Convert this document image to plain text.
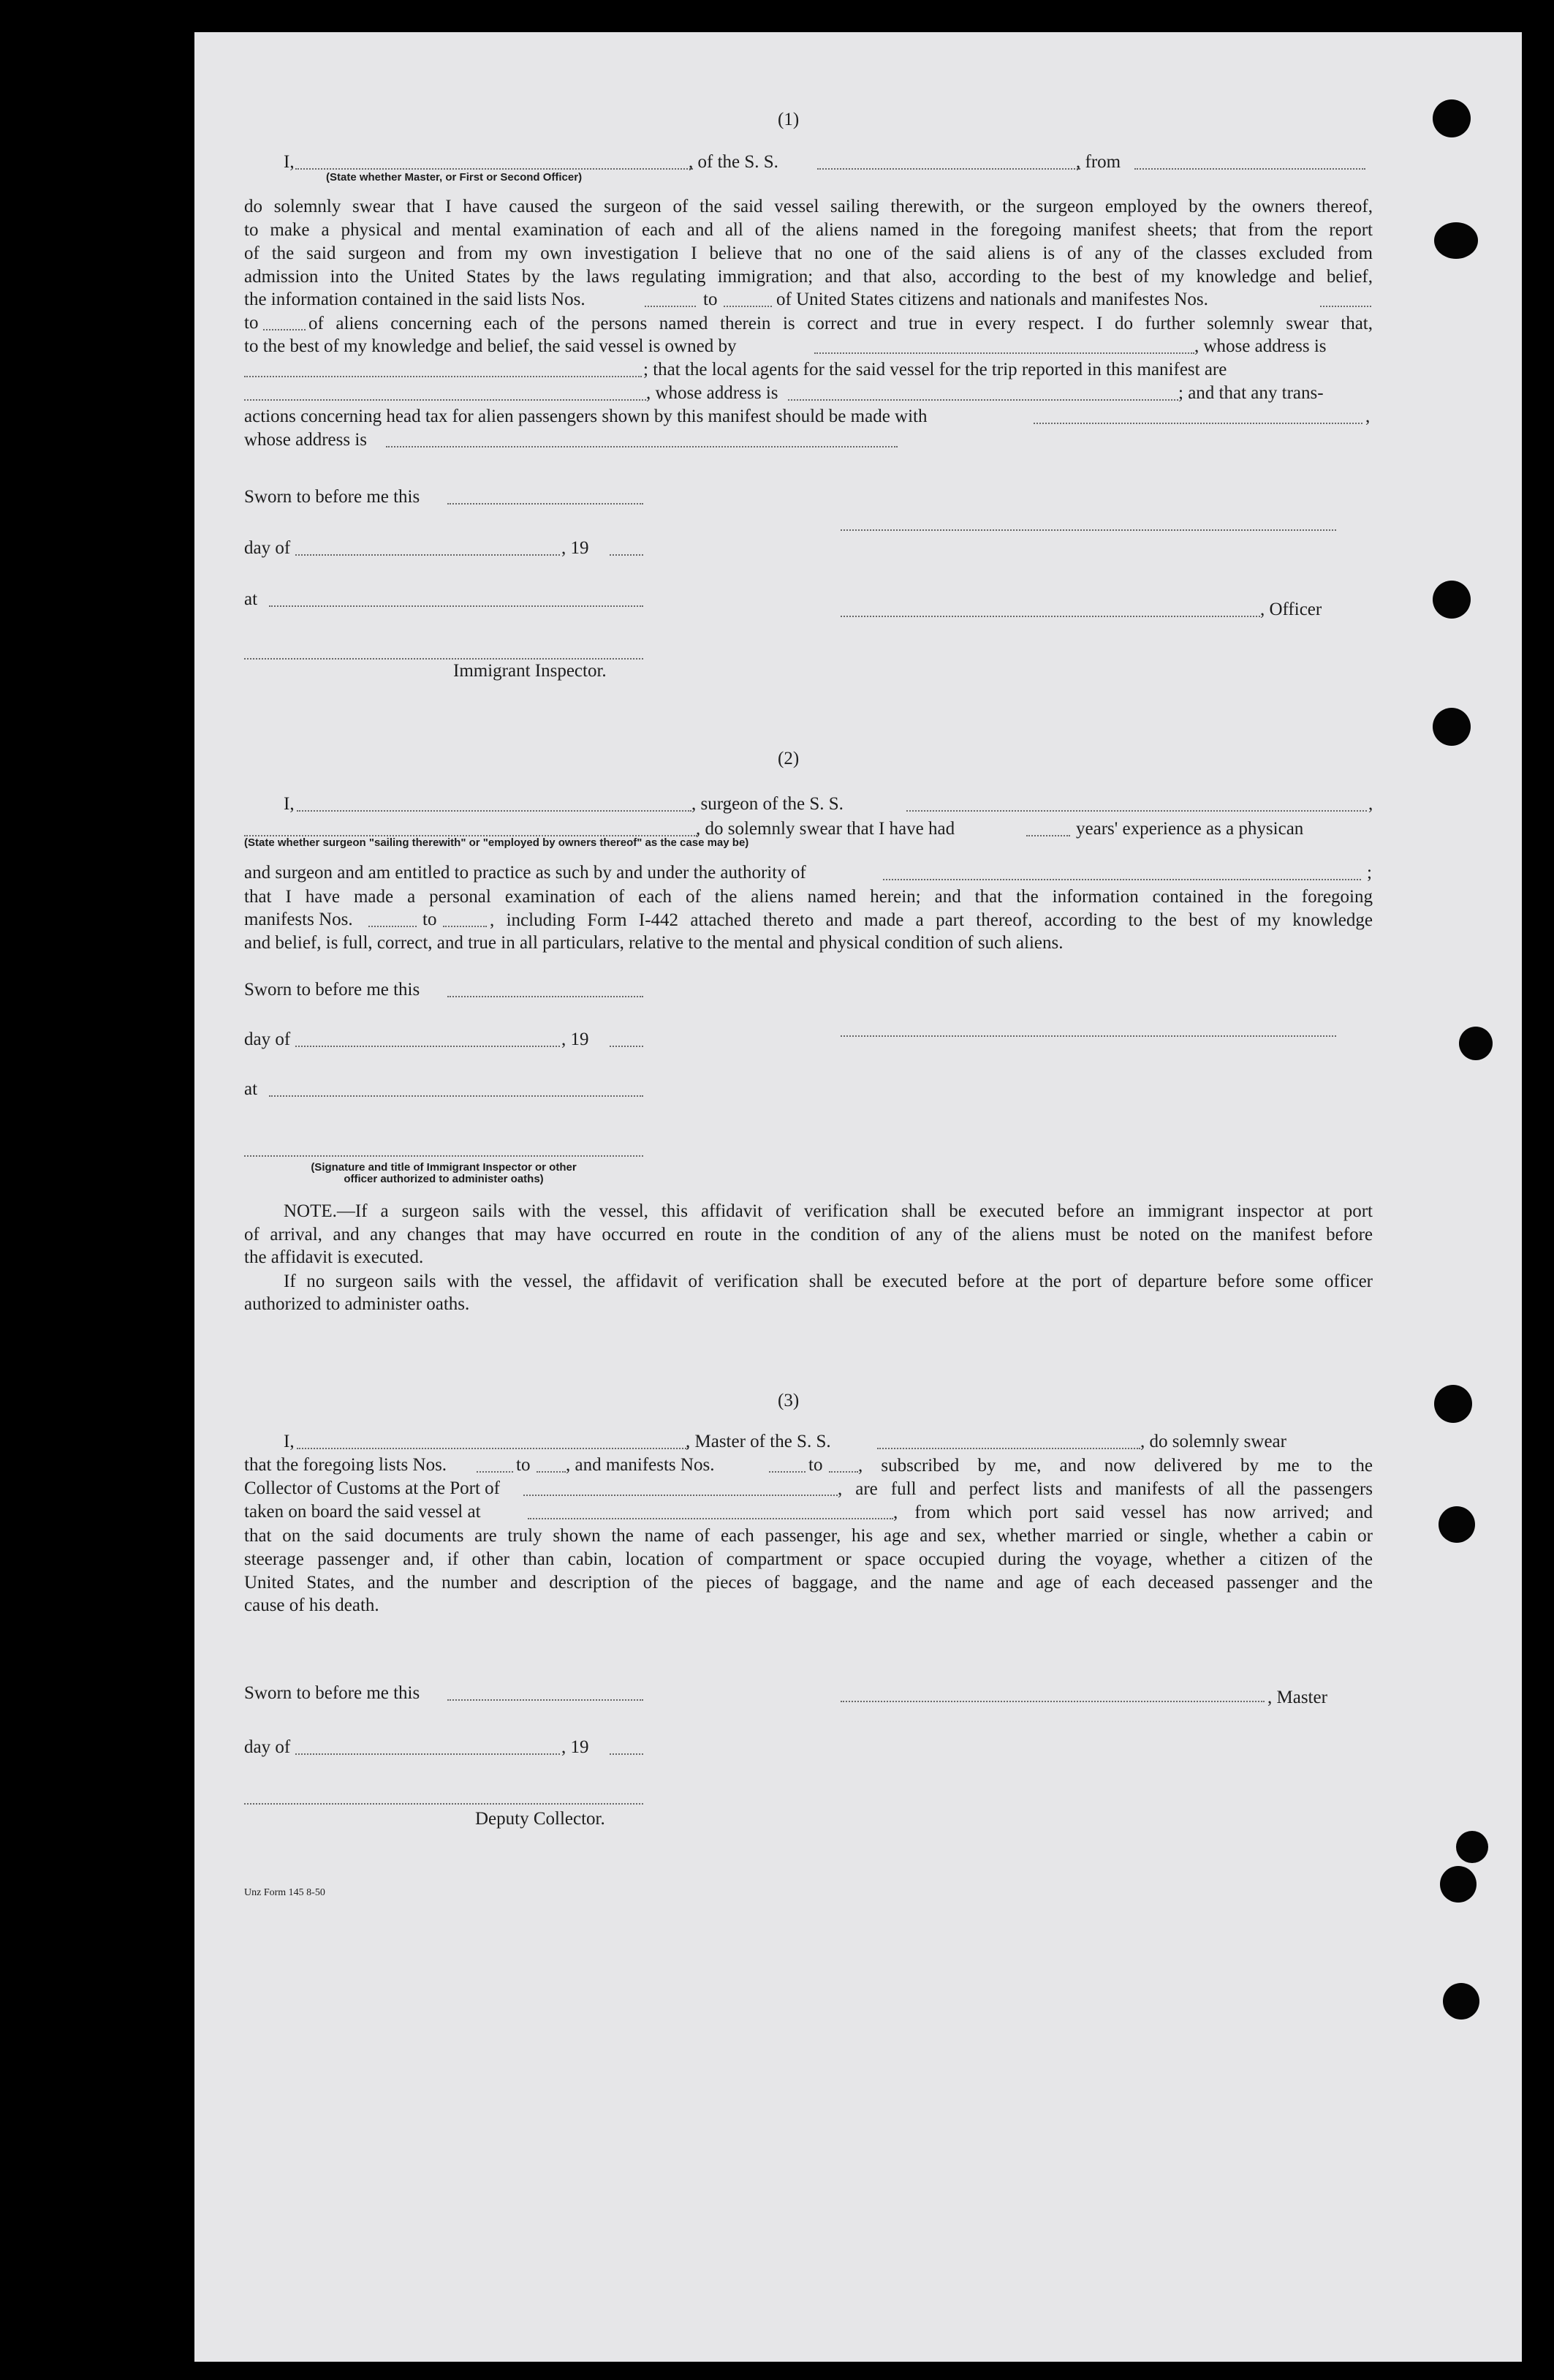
(1)
I,	, of the S. S.	, from
(State whether Master, or First or Second Officer)
do solemnly swear that I have caused the surgeon of the said vessel sailing therewith, or the surgeon employed by the owners thereof,
to make a physical and mental examination of each and all of the aliens named in the foregoing manifest sheets; that from the report
of the said surgeon and from my own investigation I believe that no one of the said aliens is of any of the classes excluded from
admission into the United States by the laws regulating immigration; and that also, according to the best of my knowledge and belief,
the information contained in the said lists Nos.	to	of United States citizens and nationals and manifestes Nos.
to	of aliens concerning each of the persons named therein is correct and true in every respect. I do further solemnly swear that,
to the best of my knowledge and belief, the said vessel is owned by	, whose address is
; that the local agents for the said vessel for the trip reported in this manifest are
, whose address is	; and that any trans-
actions concerning head tax for alien passengers shown by this manifest should be made with	,
whose address is
Sworn to before me this
day of	, 19
at
, Officer
Immigrant Inspector.
(2)
I,	, surgeon of the S. S.	,
, do solemnly swear that I have had	years' experience as a physican
(State whether surgeon "sailing therewith" or "employed by owners thereof" as the case may be)
and surgeon and am entitled to practice as such by and under the authority of	;
that I have made a personal examination of each of the aliens named herein; and that the information contained in the foregoing
manifests Nos.	to	, including Form I-442 attached thereto and made a part thereof, according to the best of my knowledge
and belief, is full, correct, and true in all particulars, relative to the mental and physical condition of such aliens.
Sworn to before me this
day of	, 19
at
(Signature and title of Immigrant Inspector or other
officer authorized to administer oaths)
NOTE.—If a surgeon sails with the vessel, this affidavit of verification shall be executed before an immigrant inspector at port
of arrival, and any changes that may have occurred en route in the condition of any of the aliens must be noted on the manifest before
the affidavit is executed.
If no surgeon sails with the vessel, the affidavit of verification shall be executed before at the port of departure before some officer
authorized to administer oaths.
(3)
I,	, Master of the S. S.	, do solemnly swear
that the foregoing lists Nos.	to , and manifests Nos.	to , subscribed by me, and now delivered by me to the
Collector of Customs at the Port of	, are full and perfect lists and manifests of all the passengers
taken on board the said vessel at	, from which port said vessel has now arrived; and
that on the said documents are truly shown the name of each passenger, his age and sex, whether married or single, whether a cabin or
steerage passenger and, if other than cabin, location of compartment or space occupied during the voyage, whether a citizen of the
United States, and the number and description of the pieces of baggage, and the name and age of each deceased passenger and the
cause of his death.
Sworn to before me this	, Master
day of	, 19
Deputy Collector.
Unz Form 145 8-50
